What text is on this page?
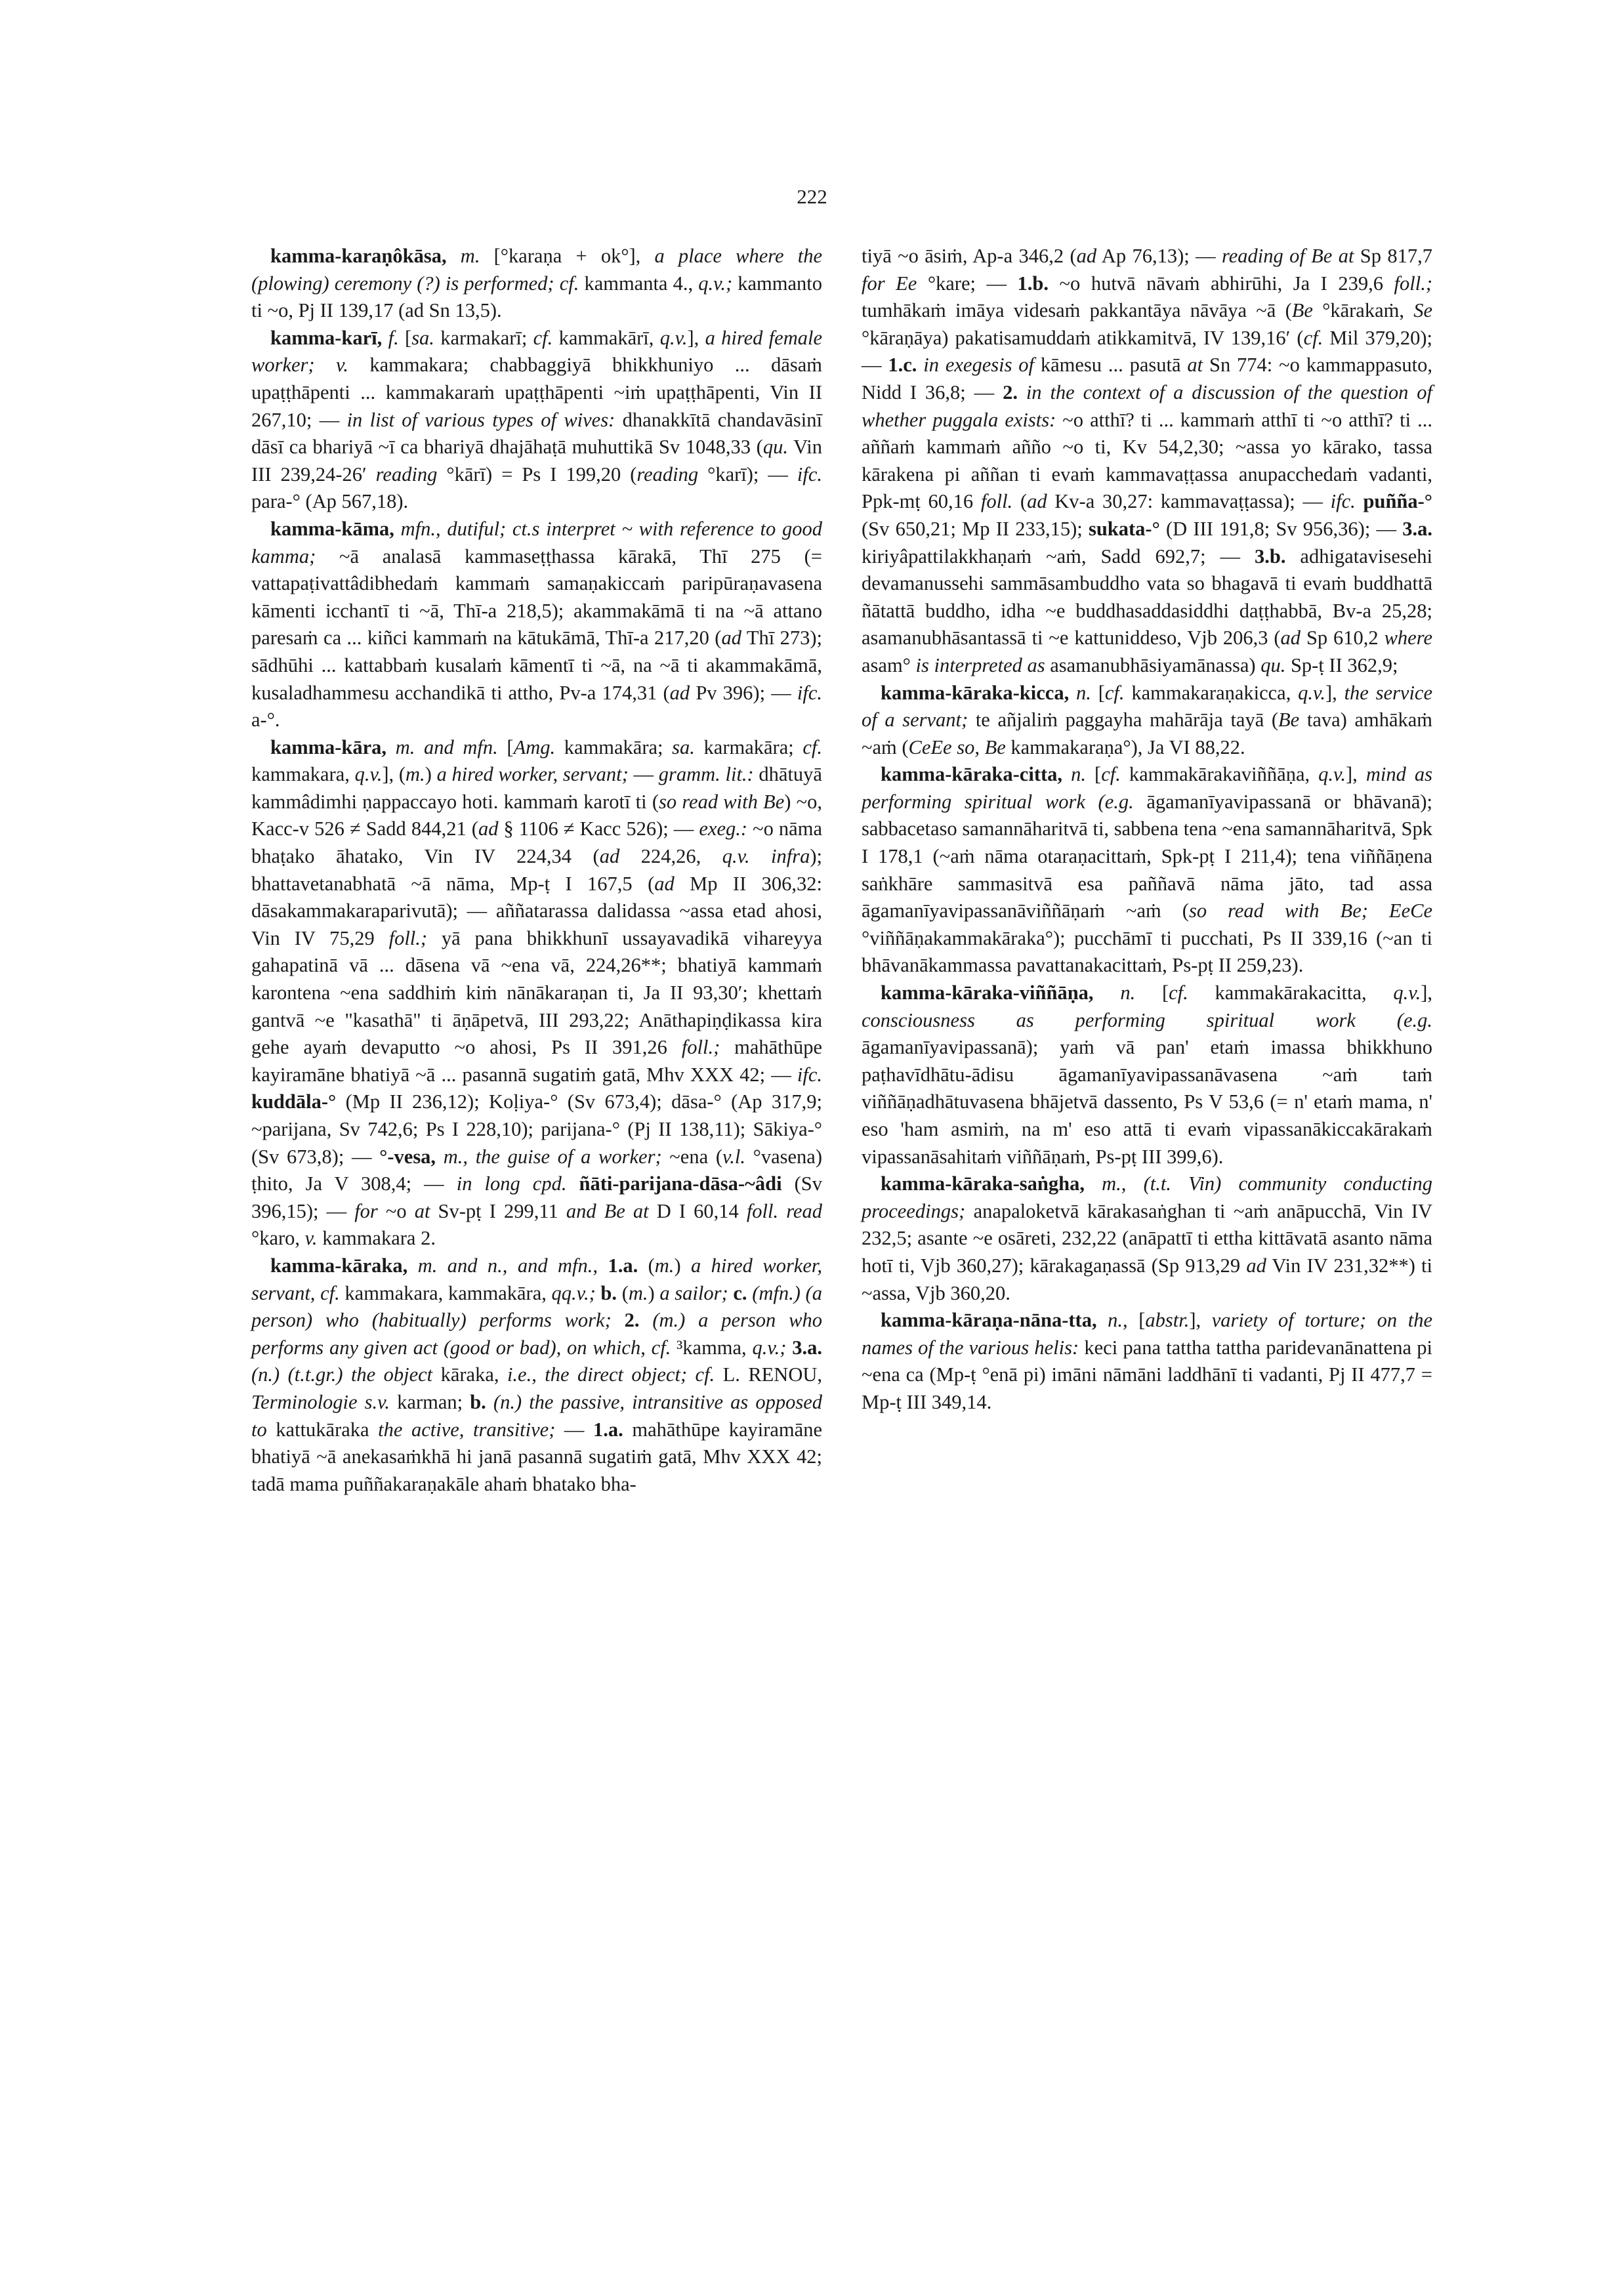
222

kamma-karaṇôkāsa, m. [°karaṇa + ok°], a place where the (plowing) ceremony (?) is performed; cf. kammanta 4., q.v.; kammanto ti ~o, Pj II 139,17 (ad Sn 13,5).

kamma-karī, f. [sa. karmakarī; cf. kammakārī, q.v.], a hired female worker; v. kammakara; chabbaggiyā bhikkhuniyo ... dāsaṁ upaṭṭhāpenti ... kammakaraṁ upaṭṭhāpenti ~iṁ upaṭṭhāpenti, Vin II 267,10; — in list of various types of wives: dhanakkītā chandavāsinī dāsī ca bhariyā ~ī ca bhariyā dhajāhaṭā muhuttikā Sv 1048,33 (qu. Vin III 239,24-26′ reading °kārī) = Ps I 199,20 (reading °karī); — ifc. para-° (Ap 567,18).

kamma-kāma, mfn., dutiful; ct.s interpret ~ with reference to good kamma; ~ā analasā kammaseṭṭhassa kārakā, Thī 275 (= vattapaṭivattâdibhedaṁ kammaṁ samaṇakiccaṁ paripūraṇavasena kāmenti icchantī ti ~ā, Thī-a 218,5); akammakāmā ti na ~ā attano paresaṁ ca ... kiñci kammaṁ na kātukāmā, Thī-a 217,20 (ad Thī 273); sādhūhi ... kattabbaṁ kusalaṁ kāmentī ti ~ā, na ~ā ti akammakāmā, kusaladhammesu acchandikā ti attho, Pv-a 174,31 (ad Pv 396); — ifc. a-°.

kamma-kāra, m. and mfn. [Amg. kammakāra; sa. karmakāra; cf. kammakara, q.v.], (m.) a hired worker, servant; — gramm. lit.: dhātuyā kammâdimhi ṇappaccayo hoti. kammaṁ karotī ti (so read with Be) ~o, Kacc-v 526 ≠ Sadd 844,21 (ad § 1106 ≠ Kacc 526); — exeg.: ~o nāma bhaṭako āhatako, Vin IV 224,34 (ad 224,26, q.v. infra); bhattavetanabhatā ~ā nāma, Mp-ṭ I 167,5 (ad Mp II 306,32: dāsakammakaraparivutā); — aññatarassa dalidassa ~assa etad ahosi, Vin IV 75,29 foll.; yā pana bhikkhunī ussayavadikā vihareyya gahapatinā vā ... dāsena vā ~ena vā, 224,26**; bhatiyā kammaṁ karontena ~ena saddhiṁ kiṁ nānākaraṇan ti, Ja II 93,30′; khettaṁ gantvā ~e "kasathā" ti āṇāpetvā, III 293,22; Anāthapiṇḍikassa kira gehe ayaṁ devaputto ~o ahosi, Ps II 391,26 foll.; mahāthūpe kayiramāne bhatiyā ~ā ... pasannā sugatiṁ gatā, Mhv XXX 42; — ifc. kuddāla-° (Mp II 236,12); Koḷiya-° (Sv 673,4); dāsa-° (Ap 317,9; ~parijana, Sv 742,6; Ps I 228,10); parijana-° (Pj II 138,11); Sākiya-° (Sv 673,8); — °-vesa, m., the guise of a worker; ~ena (v.l. °vasena) ṭhito, Ja V 308,4; — in long cpd. ñāti-parijana-dāsa-~âdi (Sv 396,15); — for ~o at Sv-pṭ I 299,11 and Be at D I 60,14 foll. read °karo, v. kammakara 2.

kamma-kāraka, m. and n., and mfn., 1.a. (m.) a hired worker, servant, cf. kammakara, kammakāra, qq.v.; b. (m.) a sailor; c. (mfn.) (a person) who (habitually) performs work; 2. (m.) a person who performs any given act (good or bad), on which, cf. ³kamma, q.v.; 3.a. (n.) (t.t.gr.) the object kāraka, i.e., the direct object; cf. L. RENOU, Terminologie s.v. karman; b. (n.) the passive, intransitive as opposed to kattukāraka the active, transitive; — 1.a. mahāthūpe kayiramāne bhatiyā ~ā anekasaṁkhā hi janā pasannā sugatiṁ gatā, Mhv XXX 42; tadā mama puññakaraṇakāle ahaṁ bhatako bha-

tiyā ~o āsiṁ, Ap-a 346,2 (ad Ap 76,13); — reading of Be at Sp 817,7 for Ee °kare; — 1.b. ~o hutvā nāvaṁ abhirūhi, Ja I 239,6 foll.; tumhākaṁ imāya videsaṁ pakkantāya nāvāya ~ā (Be °kārakaṁ, Se °kāraṇāya) pakatisamuddaṁ atikkamitvā, IV 139,16′ (cf. Mil 379,20); — 1.c. in exegesis of kāmesu ... pasutā at Sn 774: ~o kammappasuto, Nidd I 36,8; — 2. in the context of a discussion of the question of whether puggala exists: ~o atthī? ti ... kammaṁ atthī ti ~o atthī? ti ... aññaṁ kammaṁ añño ~o ti, Kv 54,2,30; ~assa yo kārako, tassa kārakena pi aññan ti evaṁ kammavaṭṭassa anupacchedaṁ vadanti, Ppk-mṭ 60,16 foll. (ad Kv-a 30,27: kammavaṭṭassa); — ifc. puñña-° (Sv 650,21; Mp II 233,15); sukata-° (D III 191,8; Sv 956,36); — 3.a. kiriyâpattilakkhaṇaṁ ~aṁ, Sadd 692,7; — 3.b. adhigatavisesehi devamanussehi sammāsambuddho vata so bhagavā ti evaṁ buddhattā ñātattā buddho, idha ~e buddhasaddasiddhi daṭṭhabbā, Bv-a 25,28; asamanubhāsantassā ti ~e kattuniddeso, Vjb 206,3 (ad Sp 610,2 where asam° is interpreted as asamanubhāsiyamānassa) qu. Sp-ṭ II 362,9;

kamma-kāraka-kicca, n. [cf. kammakaraṇakicca, q.v.], the service of a servant; te añjaliṁ paggayha mahārāja tayā (Be tava) amhākaṁ ~aṁ (CeEe so, Be kammakaraṇa°), Ja VI 88,22.

kamma-kāraka-citta, n. [cf. kammakārakaviññāṇa, q.v.], mind as performing spiritual work (e.g. āgamanīyavipassanā or bhāvanā); sabbacetaso samannāharitvā ti, sabbena tena ~ena samannāharitvā, Spk I 178,1 (~aṁ nāma otaraṇacittaṁ, Spk-pṭ I 211,4); tena viññāṇena saṅkhāre sammasitvā esa paññavā nāma jāto, tad assa āgamanīyavipassanāviññāṇaṁ ~aṁ (so read with Be; EeCe °viññāṇakammakāraka°); pucchāmī ti pucchati, Ps II 339,16 (~an ti bhāvanākammassa pavattanakacittaṁ, Ps-pṭ II 259,23).

kamma-kāraka-viññāṇa, n. [cf. kammakārakacitta, q.v.], consciousness as performing spiritual work (e.g. āgamanīyavipassanā); yaṁ vā pan' etaṁ imassa bhikkhuno paṭhavīdhātu-ādisu āgamanīyavipassanāvasena ~aṁ taṁ viññāṇadhātuvasena bhājetvā dassento, Ps V 53,6 (= n' etaṁ mama, n' eso 'ham asmiṁ, na m' eso attā ti evaṁ vipassanākiccakārakaṁ vipassanāsahitaṁ viññāṇaṁ, Ps-pṭ III 399,6).

kamma-kāraka-saṅgha, m., (t.t. Vin) community conducting proceedings; anapaloketvā kārakasaṅghan ti ~aṁ anāpucchā, Vin IV 232,5; asante ~e osāreti, 232,22 (anāpattī ti ettha kittāvatā asanto nāma hotī ti, Vjb 360,27); kārakagaṇassā (Sp 913,29 ad Vin IV 231,32**) ti ~assa, Vjb 360,20.

kamma-kāraṇa-nāna-tta, n., [abstr.], variety of torture; on the names of the various helis: keci pana tattha tattha paridevanānattena pi ~ena ca (Mp-ṭ °enā pi) imāni nāmāni laddhānī ti vadanti, Pj II 477,7 = Mp-ṭ III 349,14.
